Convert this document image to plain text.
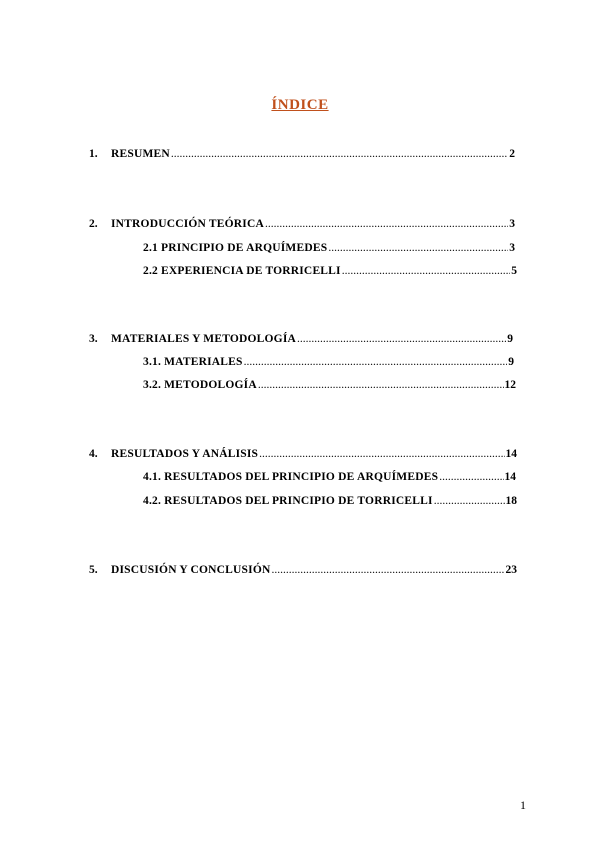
ÍNDICE
1.	RESUMEN .....	2
2.	INTRODUCCIÓN TEÓRICA .....	3
2.1 PRINCIPIO DE ARQUÍMEDES .....	3
2.2 EXPERIENCIA DE TORRICELLI .....	5
3.	MATERIALES Y METODOLOGÍA .....	9
3.1. MATERIALES .....	9
3.2. METODOLOGÍA .....	12
4.	RESULTADOS Y ANÁLISIS .....	14
4.1. RESULTADOS DEL PRINCIPIO DE ARQUÍMEDES .....	14
4.2. RESULTADOS DEL PRINCIPIO DE TORRICELLI .....	18
5.	DISCUSIÓN Y CONCLUSIÓN .....	23
1
